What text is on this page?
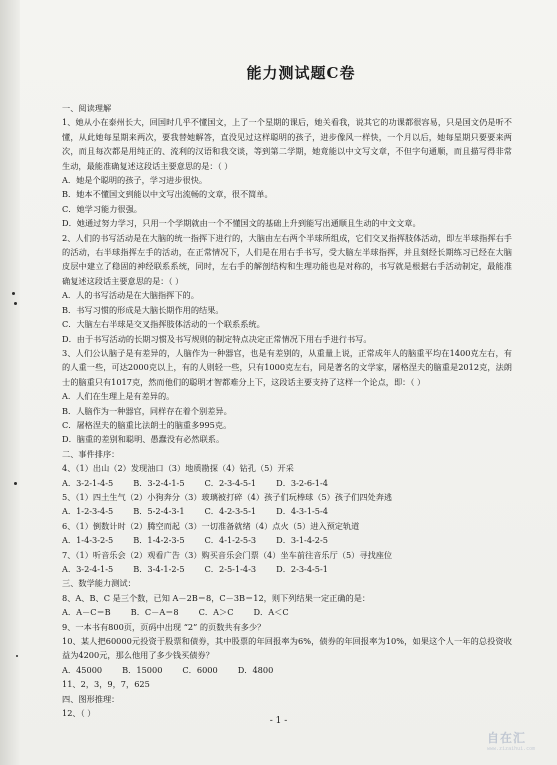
能力测试题C卷
一、阅读理解

1、她从小在泰州长大，回国时几乎不懂国文，上了一个星期的课后，她关看我，说其它的功课都很容易，只是国文仍是听不懂，从此她每星期来两次，要我替她解答，直没见过这样聪明的孩子，进步像风一样快，一个月以后，她每星期只要要来两次，而且每次都是用纯正的、流利的汉语和我交谈，等到第二学期，她竟能以中文写文章，不但字句通顺，而且描写得非常生动，最能准确复述这段话主要意思的是：（ ）

A．她是个聪明的孩子，学习进步很快。

B．她本不懂国文到能以中文写出流畅的文章，很不简单。

C．她学习能力很强。

D．她通过努力学习，只用一个学期就由一个不懂国文的基础上升到能写出通顺且生动的中文文章。

2、人们的书写活动是在大脑的统一指挥下进行的，大脑由左右两个半球所组成，它们交叉指挥肢体活动，即左半球指挥右手的活动，右半球指挥左手的活动，在正常情况下，人们是在用右手书写，受大脑左半球指挥，并且刻经长期练习已经在大脑皮层中建立了稳固的神经联系系统，同时，左右手的解剖结构和生理功能也是对称的，书写就是根据右手活动制定，最能准确复述这段话主要意思的是：（ ）

A．人的书写活动是在大脑指挥下的。

B．书写习惯的形成是大脑长期作用的结果。

C．大脑左右半球是交叉指挥肢体活动的一个联系系统。

D．由于书写活动的长期习惯及书写规则的制定特点决定正常情况下用右手进行书写。

3、人们公认脑子是有差异的，人脑作为一种器官，也是有差别的，从重量上说，正常成年人的脑重平均在1400克左右，有的人重一些，可达2000克以上，有的人则轻一些，只有1000克左右，同是著名的文学家，屠格涅夫的脑重是2012克，法朗士的脑重只有1017克，然而他们的聪明才智都难分上下，这段话主要支持了这样一个论点，即：（ ）

A．人们在生理上是有差异的。

B．人脑作为一种器官，同样存在着个别差异。

C．屠格涅夫的脑重比法朗士的脑重多995克。

D．脑重的差别和聪明、愚蠢没有必然联系。

二、事件排序：

4、（1）出山（2）发现油口（3）地质勘探（4）钻孔（5）开采

A．3-2-1-4-5 B．3-2-4-1-5 C．2-3-4-5-1 D．3-2-6-1-4

5、（1）四土生气（2）小狗奔分（3）玻璃被打碎（4）孩子们玩棒球（5）孩子们四处奔逃

A．1-2-3-4-5 B．5-2-4-3-1 C．4-2-3-5-1 D．4-3-1-5-4

6、（1）倒数计时（2）腾空而起（3）一切准备就绪（4）点火（5）进入预定轨道

A．1-4-3-2-5 B．1-4-2-3-5 C．4-1-2-5-3 D．3-1-4-2-5

7、（1）听音乐会（2）观看广告（3）购买音乐会门票（4）坐车前往音乐厅（5）寻找座位

A．3-2-4-1-5 B．3-4-1-2-5 C．2-5-1-4-3 D．2-3-4-5-1
三、数学能力测试：

8、A、B、C 是三个数，已知 A－2B＝8，C－3B＝12，则下列结果一定正确的是：

A．A－C＝B B．C－A＝8 C．A＞C D．A＜C

9、一本书有800页，页码中出现 “2” 的页数共有多少？

10、某人把60000元投资于股票和债券，其中股票的年回报率为6%，债券的年回报率为10%，如果这个人一年的总投资收益为4200元，那么他用了多少钱买债券？

A．45000 B．15000 C．6000 D．4800

11、2，3，9，7，625

四、图形推理：

12、（ ）

- 1 -
自在汇
www.zizaihui.com
